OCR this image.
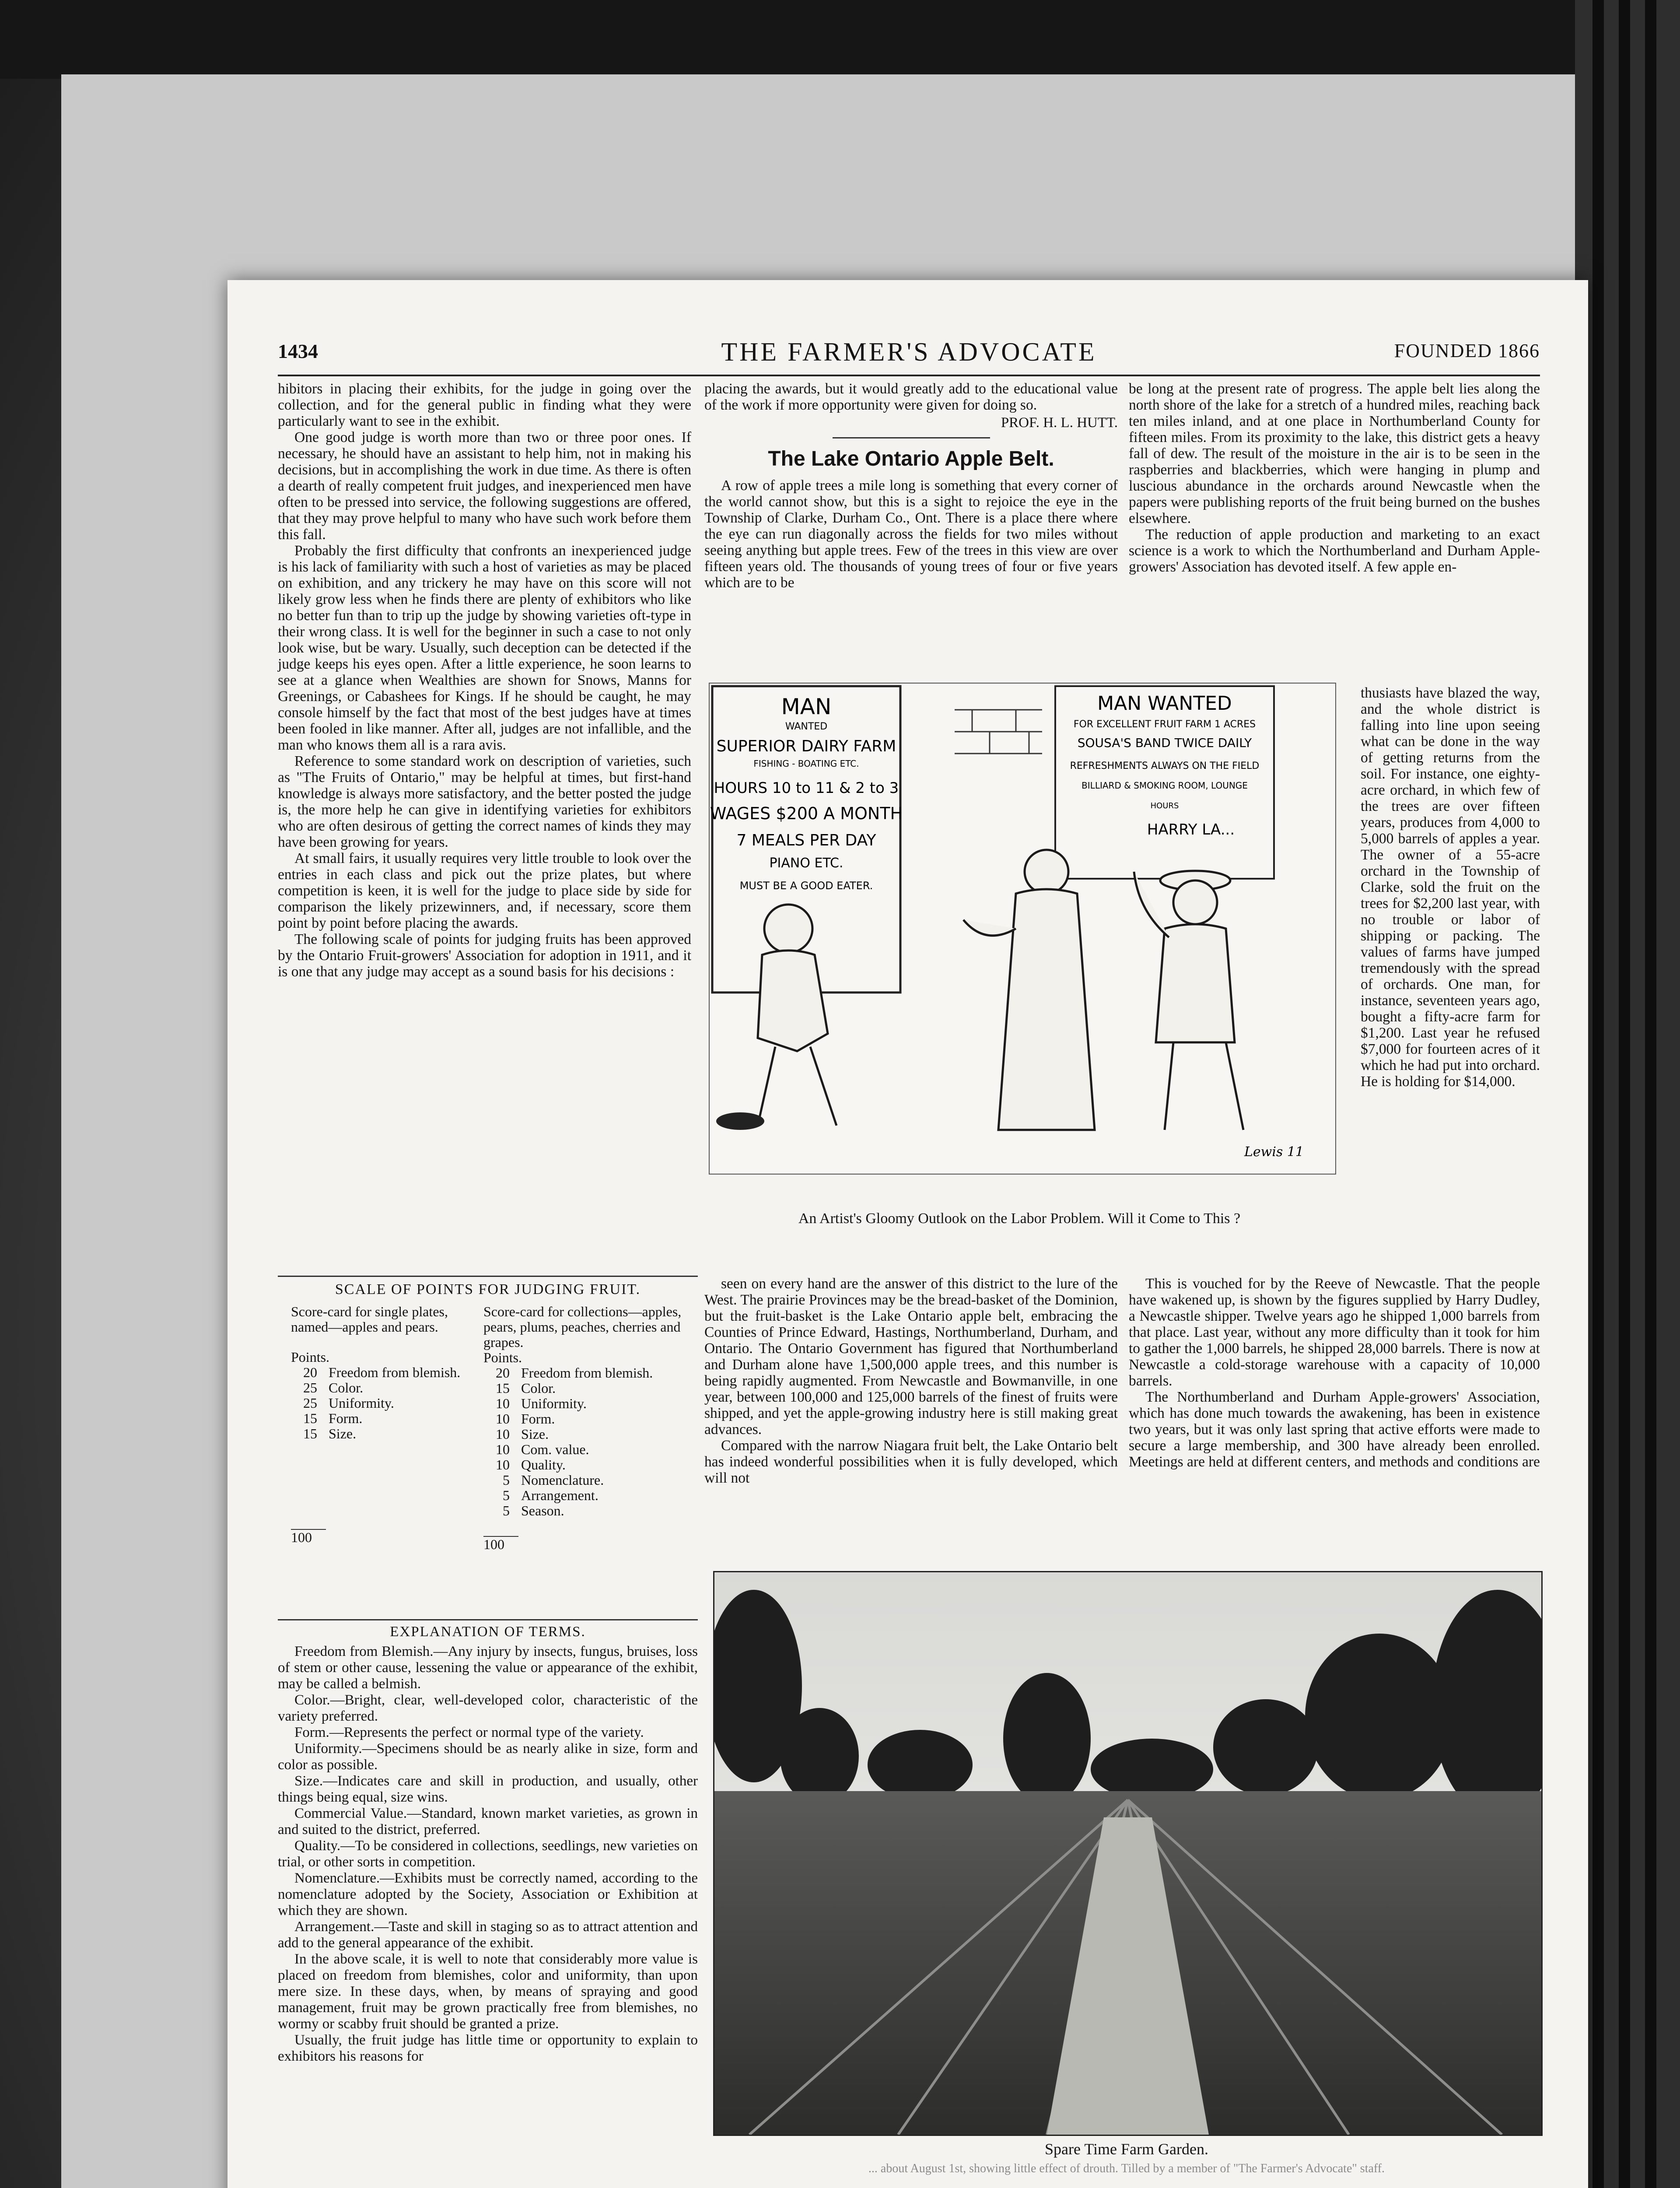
1434	THE FARMER'S ADVOCATE	FOUNDED 1866

hibitors in placing their exhibits, for the judge in going over the collection, and for the general public in finding what they were particularly want to see in the exhibit.

One good judge is worth more than two or three poor ones. If necessary, he should have an assistant to help him, not in making his decisions, but in accomplishing the work in due time. As there is often a dearth of really competent fruit judges, and inexperienced men have often to be pressed into service, the following suggestions are offered, that they may prove helpful to many who have such work before them this fall.

Probably the first difficulty that confronts an inexperienced judge is his lack of familiarity with such a host of varieties as may be placed on exhibition, and any trickery he may have on this score will not likely grow less when he finds there are plenty of exhibitors who like no better fun than to trip up the judge by showing varieties oft-type in their wrong class. It is well for the beginner in such a case to not only look wise, but be wary. Usually, such deception can be detected if the judge keeps his eyes open. After a little experience, he soon learns to see at a glance when Wealthies are shown for Snows, Manns for Greenings, or Cabashees for Kings. If he should be caught, he may console himself by the fact that most of the best judges have at times been fooled in like manner. After all, judges are not infallible, and the man who knows them all is a rara avis.

Reference to some standard work on description of varieties, such as "The Fruits of Ontario," may be helpful at times, but first-hand knowledge is always more satisfactory, and the better posted the judge is, the more help he can give in identifying varieties for exhibitors who are often desirous of getting the correct names of kinds they may have been growing for years.

At small fairs, it usually requires very little trouble to look over the entries in each class and pick out the prize plates, but where competition is keen, it is well for the judge to place side by side for comparison the likely prizewinners, and, if necessary, score them point by point before placing the awards.

The following scale of points for judging fruits has been approved by the Ontario Fruit-growers' Association for adoption in 1911, and it is one that any judge may accept as a sound basis for his decisions :

placing the awards, but it would greatly add to the educational value of the work if more opportunity were given for doing so.

PROF. H. L. HUTT.
The Lake Ontario Apple Belt.

A row of apple trees a mile long is something that every corner of the world cannot show, but this is a sight to rejoice the eye in the Township of Clarke, Durham Co., Ont. There is a place there where the eye can run diagonally across the fields for two miles without seeing anything but apple trees. Few of the trees in this view are over fifteen years old. The thousands of young trees of four or five years which are to be

be long at the present rate of progress. The apple belt lies along the north shore of the lake for a stretch of a hundred miles, reaching back ten miles inland, and at one place in Northumberland County for fifteen miles. From its proximity to the lake, this district gets a heavy fall of dew. The result of the moisture in the air is to be seen in the raspberries and blackberries, which were hanging in plump and luscious abundance in the orchards around Newcastle when the papers were publishing reports of the fruit being burned on the bushes elsewhere.

The reduction of apple production and marketing to an exact science is a work to which the Northumberland and Durham Apple-growers' Association has devoted itself. A few apple en-

MAN
WANTED
SUPERIOR DAIRY FARM
FISHING - BOATING ETC.
HOURS 10 to 11 & 2 to 3
WAGES $200 A MONTH
7 MEALS PER DAY
PIANO ETC.
MUST BE A GOOD EATER.
MAN WANTED
FOR EXCELLENT FRUIT FARM 1 ACRES
SOUSA'S BAND TWICE DAILY
REFRESHMENTS ALWAYS ON THE FIELD
BILLIARD & SMOKING ROOM, LOUNGE
HOURS
HARRY LA...
Lewis 11
An Artist's Gloomy Outlook on the Labor Problem. Will it Come to This ?
thusiasts have blazed the way, and the whole district is falling into line upon seeing what can be done in the way of getting returns from the soil. For instance, one eighty-acre orchard, in which few of the trees are over fifteen years, produces from 4,000 to 5,000 barrels of apples a year. The owner of a 55-acre orchard in the Township of Clarke, sold the fruit on the trees for $2,200 last year, with no trouble or labor of shipping or packing. The values of farms have jumped tremendously with the spread of orchards. One man, for instance, seventeen years ago, bought a fifty-acre farm for $1,200. Last year he refused $7,000 for fourteen acres of it which he had put into orchard. He is holding for $14,000.
SCALE OF POINTS FOR JUDGING FRUIT.
Score-card for single plates, named—apples and pears.
Points.
20 Freedom from blemish.
25 Color.
25 Uniformity.
15 Form.
15 Size.
100
Score-card for collections—apples, pears, plums, peaches, cherries and grapes.
Points.
20 Freedom from blemish.
15 Color.
10 Uniformity.
10 Form.
10 Size.
10 Com. value.
10 Quality.
5 Nomenclature.
5 Arrangement.
5 Season.
100
EXPLANATION OF TERMS.

Freedom from Blemish.—Any injury by insects, fungus, bruises, loss of stem or other cause, lessening the value or appearance of the exhibit, may be called a belmish.

Color.—Bright, clear, well-developed color, characteristic of the variety preferred.

Form.—Represents the perfect or normal type of the variety.

Uniformity.—Specimens should be as nearly alike in size, form and color as possible.

Size.—Indicates care and skill in production, and usually, other things being equal, size wins.

Commercial Value.—Standard, known market varieties, as grown in and suited to the district, preferred.

Quality.—To be considered in collections, seedlings, new varieties on trial, or other sorts in competition.

Nomenclature.—Exhibits must be correctly named, according to the nomenclature adopted by the Society, Association or Exhibition at which they are shown.

Arrangement.—Taste and skill in staging so as to attract attention and add to the general appearance of the exhibit.

In the above scale, it is well to note that considerably more value is placed on freedom from blemishes, color and uniformity, than upon mere size. In these days, when, by means of spraying and good management, fruit may be grown practically free from blemishes, no wormy or scabby fruit should be granted a prize.

Usually, the fruit judge has little time or opportunity to explain to exhibitors his reasons for

seen on every hand are the answer of this district to the lure of the West. The prairie Provinces may be the bread-basket of the Dominion, but the fruit-basket is the Lake Ontario apple belt, embracing the Counties of Prince Edward, Hastings, Northumberland, Durham, and Ontario. The Ontario Government has figured that Northumberland and Durham alone have 1,500,000 apple trees, and this number is being rapidly augmented. From Newcastle and Bowmanville, in one year, between 100,000 and 125,000 barrels of the finest of fruits were shipped, and yet the apple-growing industry here is still making great advances.

Compared with the narrow Niagara fruit belt, the Lake Ontario belt has indeed wonderful possibilities when it is fully developed, which will not

This is vouched for by the Reeve of Newcastle. That the people have wakened up, is shown by the figures supplied by Harry Dudley, a Newcastle shipper. Twelve years ago he shipped 1,000 barrels from that place. Last year, without any more difficulty than it took for him to gather the 1,000 barrels, he shipped 28,000 barrels. There is now at Newcastle a cold-storage warehouse with a capacity of 10,000 barrels.

The Northumberland and Durham Apple-growers' Association, which has done much towards the awakening, has been in existence two years, but it was only last spring that active efforts were made to secure a large membership, and 300 have already been enrolled. Meetings are held at different centers, and methods and conditions are

Spare Time Farm Garden.
... about August 1st, showing little effect of drouth. Tilled by a member of "The Farmer's Advocate" staff.
